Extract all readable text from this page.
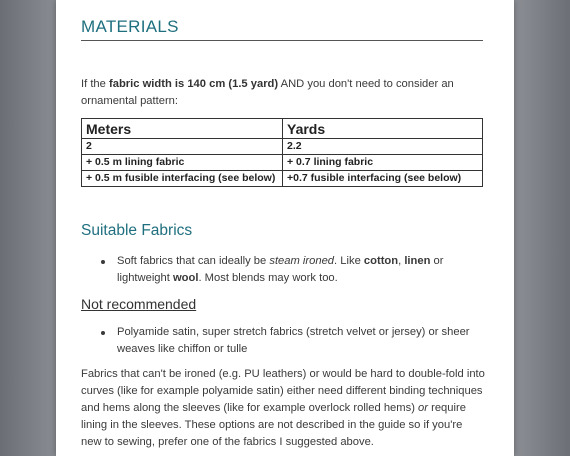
MATERIALS

If the fabric width is 140 cm (1.5 yard) AND you don't need to consider an ornamental pattern:

Meters	Yards
2	2.2
+ 0.5 m lining fabric	+ 0.7 lining fabric
+ 0.5 m fusible interfacing (see below)	+0.7 fusible interfacing (see below)
Suitable Fabrics
Soft fabrics that can ideally be steam ironed. Like cotton, linen or lightweight wool. Most blends may work too.
Not recommended
Polyamide satin, super stretch fabrics (stretch velvet or jersey) or sheer weaves like chiffon or tulle

Fabrics that can't be ironed (e.g. PU leathers) or would be hard to double-fold into curves (like for example polyamide satin) either need different binding techniques and hems along the sleeves (like for example overlock rolled hems) or require lining in the sleeves. These options are not described in the guide so if you're new to sewing, prefer one of the fabrics I suggested above.
